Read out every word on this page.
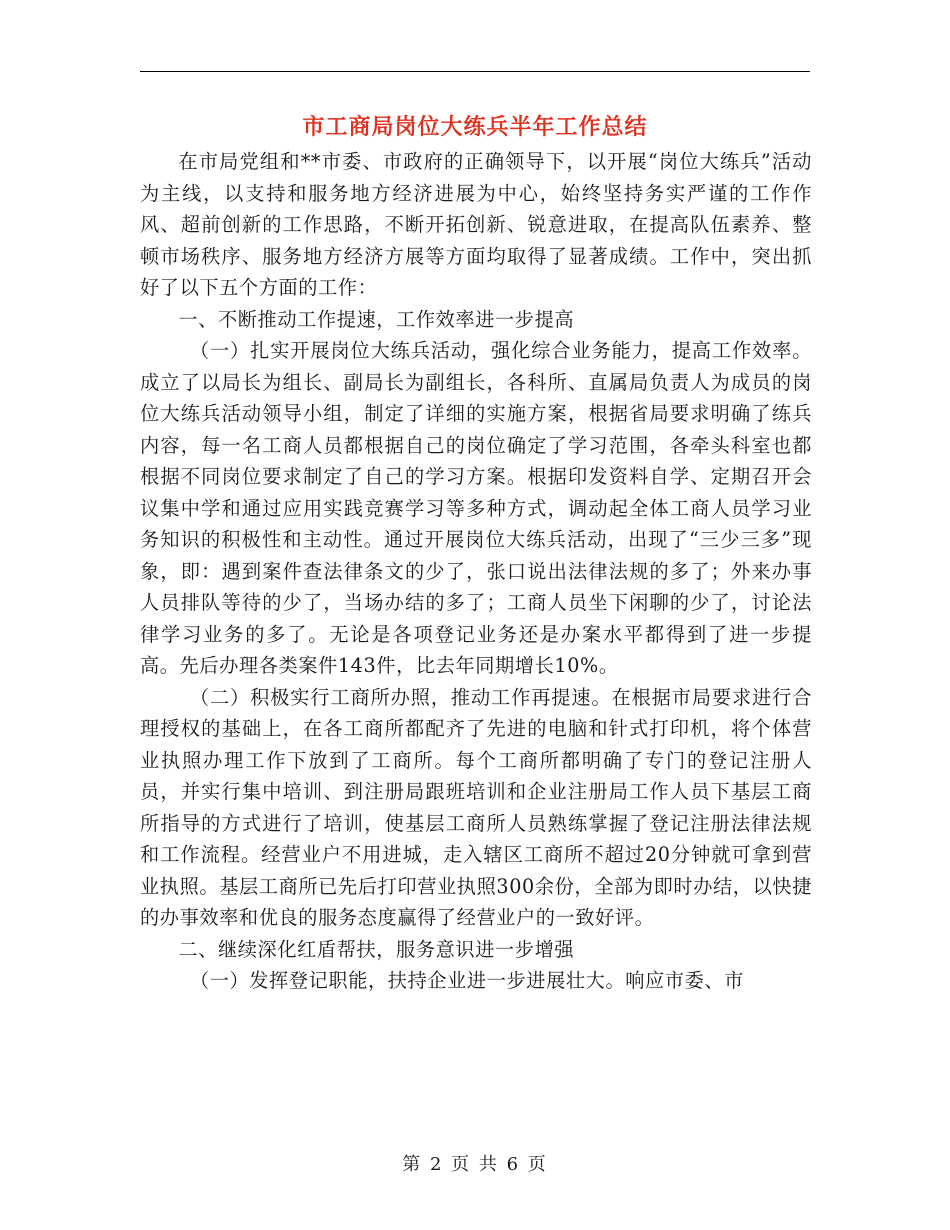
市工商局岗位大练兵半年工作总结

在市局党组和**市委、市政府的正确领导下，以开展“岗位大练兵”活动为主线，以支持和服务地方经济进展为中心，始终坚持务实严谨的工作作风、超前创新的工作思路，不断开拓创新、锐意进取，在提高队伍素养、整顿市场秩序、服务地方经济方展等方面均取得了显著成绩。工作中，突出抓好了以下五个方面的工作：

一、不断推动工作提速，工作效率进一步提高

（一）扎实开展岗位大练兵活动，强化综合业务能力，提高工作效率。成立了以局长为组长、副局长为副组长，各科所、直属局负责人为成员的岗位大练兵活动领导小组，制定了详细的实施方案，根据省局要求明确了练兵内容，每一名工商人员都根据自己的岗位确定了学习范围，各牵头科室也都根据不同岗位要求制定了自己的学习方案。根据印发资料自学、定期召开会议集中学和通过应用实践竞赛学习等多种方式，调动起全体工商人员学习业务知识的积极性和主动性。通过开展岗位大练兵活动，出现了“三少三多”现象，即：遇到案件查法律条文的少了，张口说出法律法规的多了；外来办事人员排队等待的少了，当场办结的多了；工商人员坐下闲聊的少了，讨论法律学习业务的多了。无论是各项登记业务还是办案水平都得到了进一步提高。先后办理各类案件143件，比去年同期增长10%。

（二）积极实行工商所办照，推动工作再提速。在根据市局要求进行合理授权的基础上，在各工商所都配齐了先进的电脑和针式打印机，将个体营业执照办理工作下放到了工商所。每个工商所都明确了专门的登记注册人员，并实行集中培训、到注册局跟班培训和企业注册局工作人员下基层工商所指导的方式进行了培训，使基层工商所人员熟练掌握了登记注册法律法规和工作流程。经营业户不用进城，走入辖区工商所不超过20分钟就可拿到营业执照。基层工商所已先后打印营业执照300余份，全部为即时办结，以快捷的办事效率和优良的服务态度赢得了经营业户的一致好评。

二、继续深化红盾帮扶，服务意识进一步增强

（一）发挥登记职能，扶持企业进一步进展壮大。响应市委、市

第 2 页 共 6 页
